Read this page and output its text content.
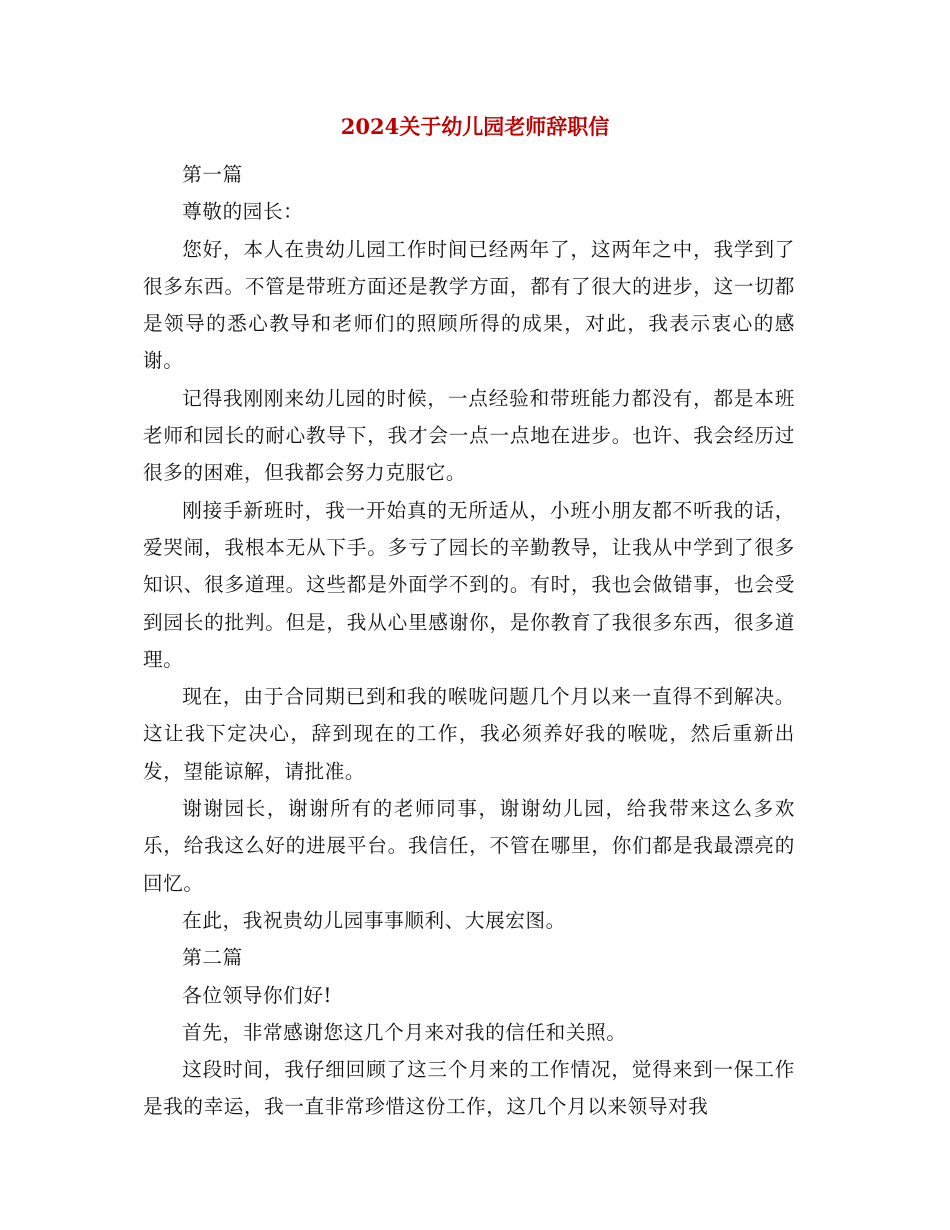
2024关于幼儿园老师辞职信

第一篇

尊敬的园长：

您好，本人在贵幼儿园工作时间已经两年了，这两年之中，我学到了很多东西。不管是带班方面还是教学方面，都有了很大的进步，这一切都是领导的悉心教导和老师们的照顾所得的成果，对此，我表示衷心的感谢。

记得我刚刚来幼儿园的时候，一点经验和带班能力都没有，都是本班老师和园长的耐心教导下，我才会一点一点地在进步。也许、我会经历过很多的困难，但我都会努力克服它。

刚接手新班时，我一开始真的无所适从，小班小朋友都不听我的话，爱哭闹，我根本无从下手。多亏了园长的辛勤教导，让我从中学到了很多知识、很多道理。这些都是外面学不到的。有时，我也会做错事，也会受到园长的批判。但是，我从心里感谢你，是你教育了我很多东西，很多道理。

现在，由于合同期已到和我的喉咙问题几个月以来一直得不到解决。这让我下定决心，辞到现在的工作，我必须养好我的喉咙，然后重新出发，望能谅解，请批准。

谢谢园长，谢谢所有的老师同事，谢谢幼儿园，给我带来这么多欢乐，给我这么好的进展平台。我信任，不管在哪里，你们都是我最漂亮的回忆。

在此，我祝贵幼儿园事事顺利、大展宏图。

第二篇

各位领导你们好!

首先，非常感谢您这几个月来对我的信任和关照。

这段时间，我仔细回顾了这三个月来的工作情况，觉得来到一保工作是我的幸运，我一直非常珍惜这份工作，这几个月以来领导对我
